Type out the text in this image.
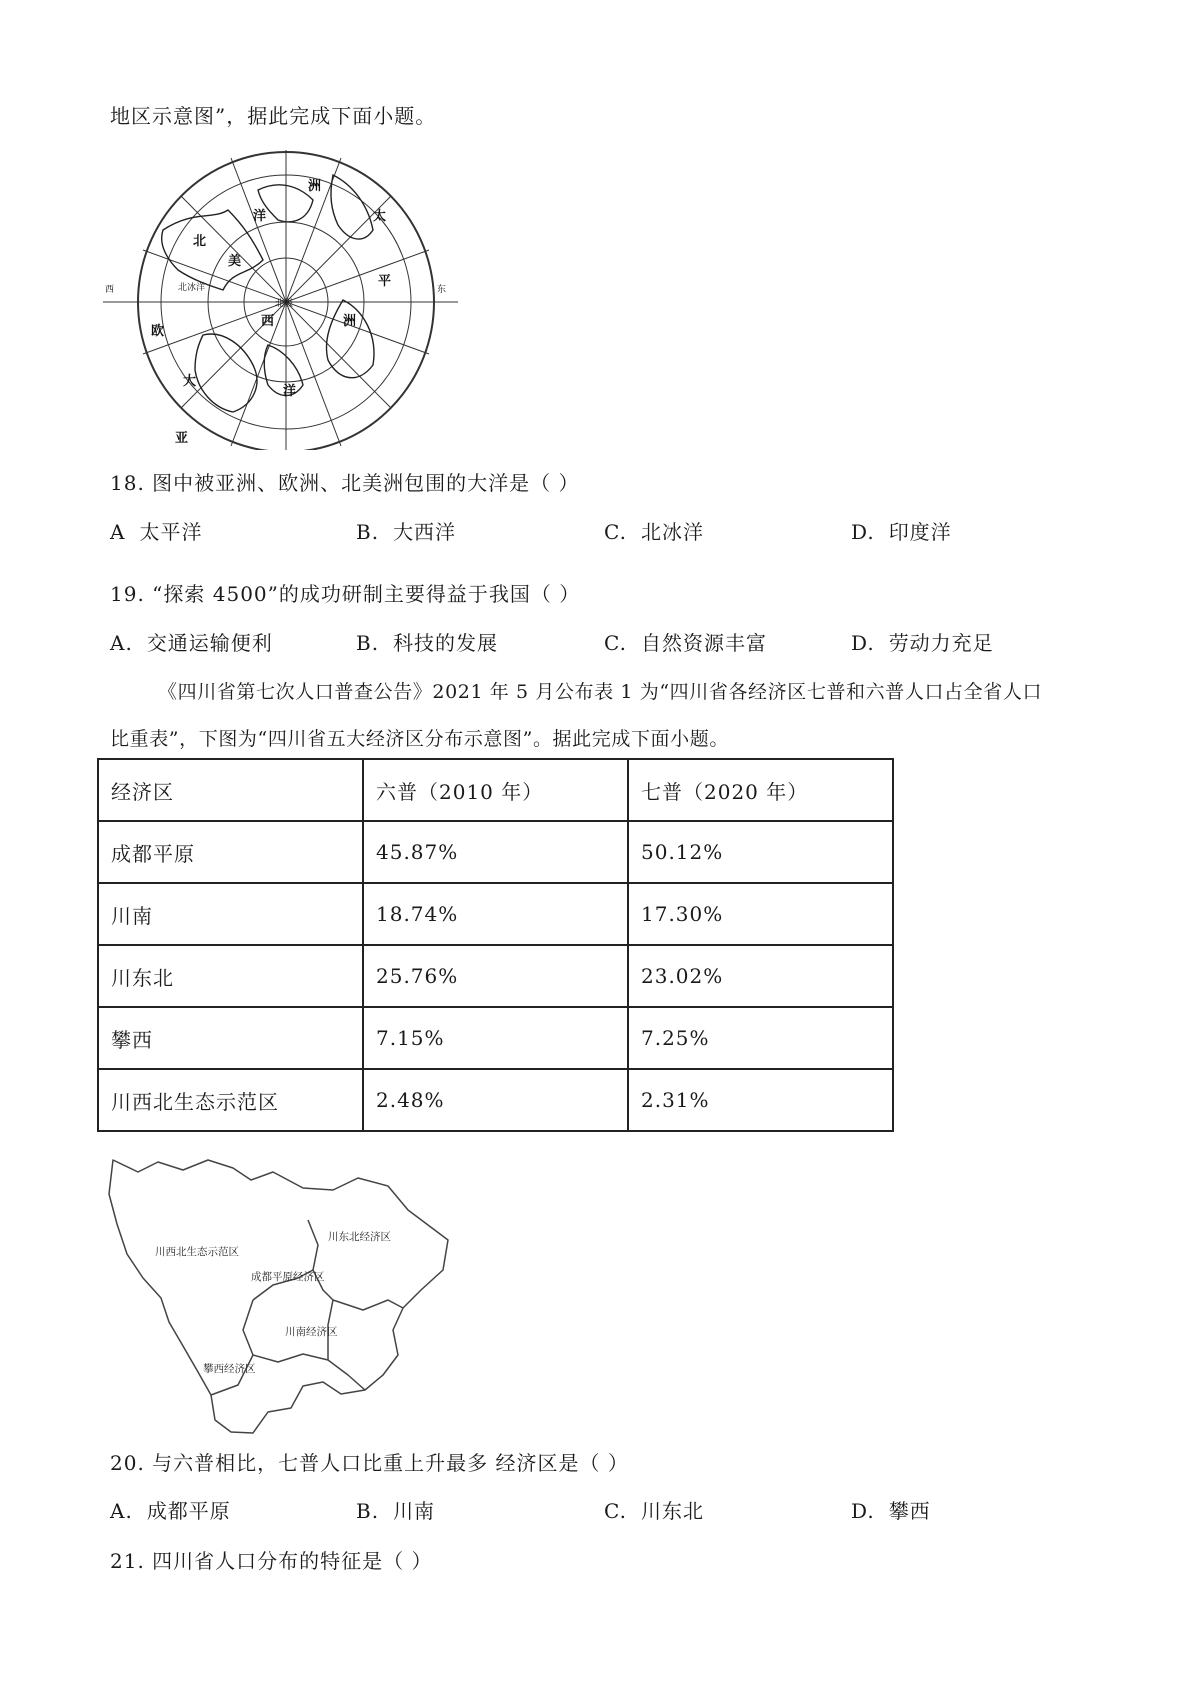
地区示意图”，据此完成下面小题。
北
美
洲
欧
亚
洲
太
平
洋
大
西
洋
北极
北冰洋
西	东
18. 图中被亚洲、欧洲、北美洲包围的大洋是（ ）
A 太平洋	B. 大西洋	C. 北冰洋	D. 印度洋
19. “探索 4500”的成功研制主要得益于我国（ ）
A. 交通运输便利	B. 科技的发展	C. 自然资源丰富	D. 劳动力充足
《四川省第七次人口普查公告》2021 年 5 月公布表 1 为“四川省各经济区七普和六普人口占全省人口
比重表”，下图为“四川省五大经济区分布示意图”。据此完成下面小题。
经济区	六普（2010 年）	七普（2020 年）
成都平原	45.87%	50.12%
川南	18.74%	17.30%
川东北	25.76%	23.02%
攀西	7.15%	7.25%
川西北生态示范区	2.48%	2.31%
川西北生态示范区
川东北经济区
成都平原经济区
川南经济区
攀西经济区
20. 与六普相比，七普人口比重上升最多 经济区是（ ）
A. 成都平原	B. 川南	C. 川东北	D. 攀西
21. 四川省人口分布的特征是（ ）
